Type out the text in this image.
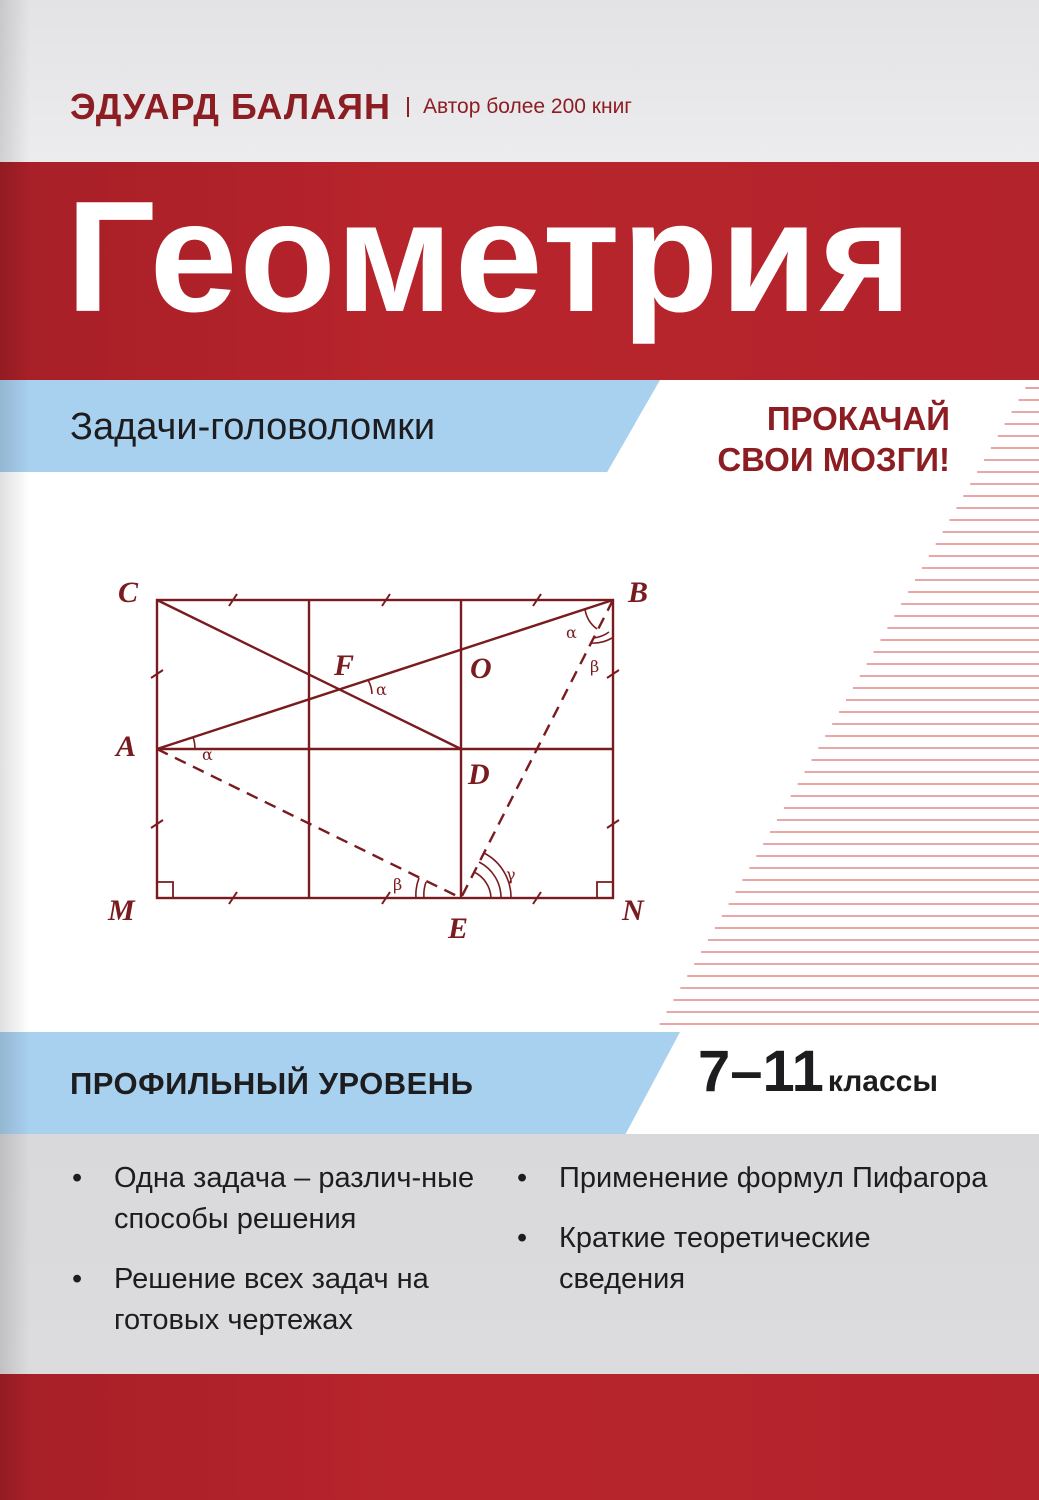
ЭДУАРД БАЛАЯН Автор более 200 книг
Геометрия
Задачи-головоломки	ПРОКАЧАЙ
СВОИ МОЗГИ!
C	B
F	O
A
D
M	N
E
α
α
α
β
β
γ
ПРОФИЛЬНЫЙ УРОВЕНЬ	7–11 классы
• Одна задача – различ-ные способы решения
• Решение всех задач на готовых чертежах
• Применение формул Пифагора
• Краткие теоретические сведения
